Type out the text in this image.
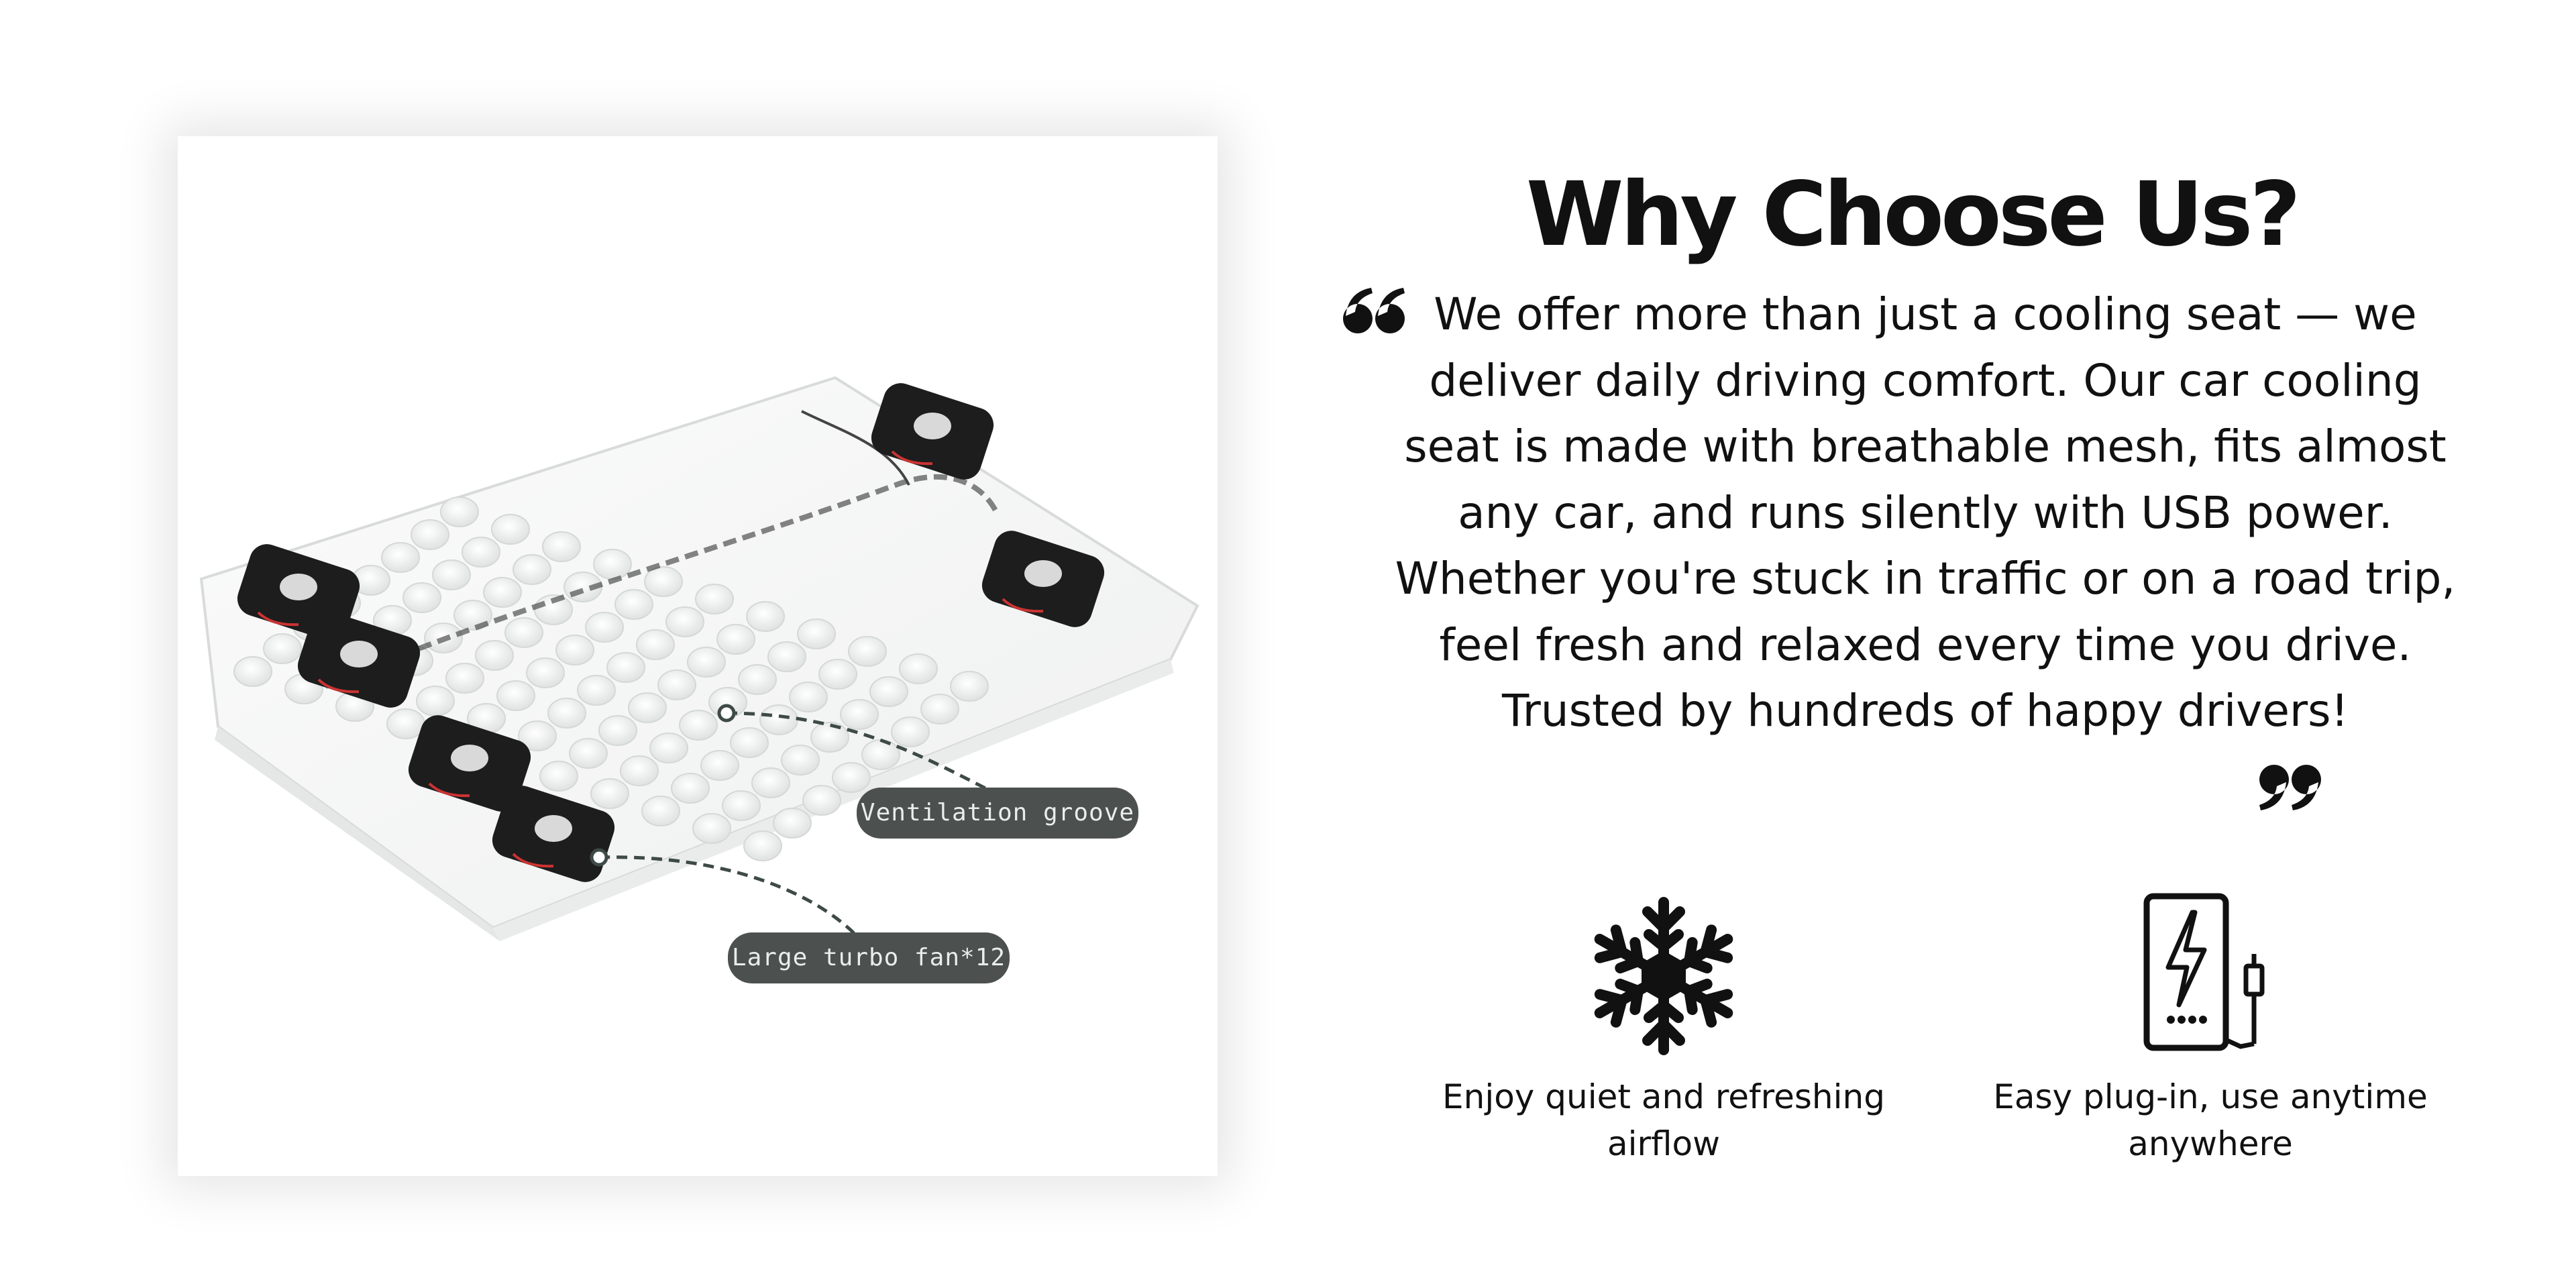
Ventilation groove
Large turbo fan*12
Why Choose Us?

We offer more than just a cooling seat — we deliver daily driving comfort. Our car cooling seat is made with breathable mesh, fits almost any car, and runs silently with USB power. Whether you're stuck in traffic or on a road trip, feel fresh and relaxed every time you drive. Trusted by hundreds of happy drivers!

Enjoy quiet and refreshing airflow
Easy plug-in, use anytime anywhere
